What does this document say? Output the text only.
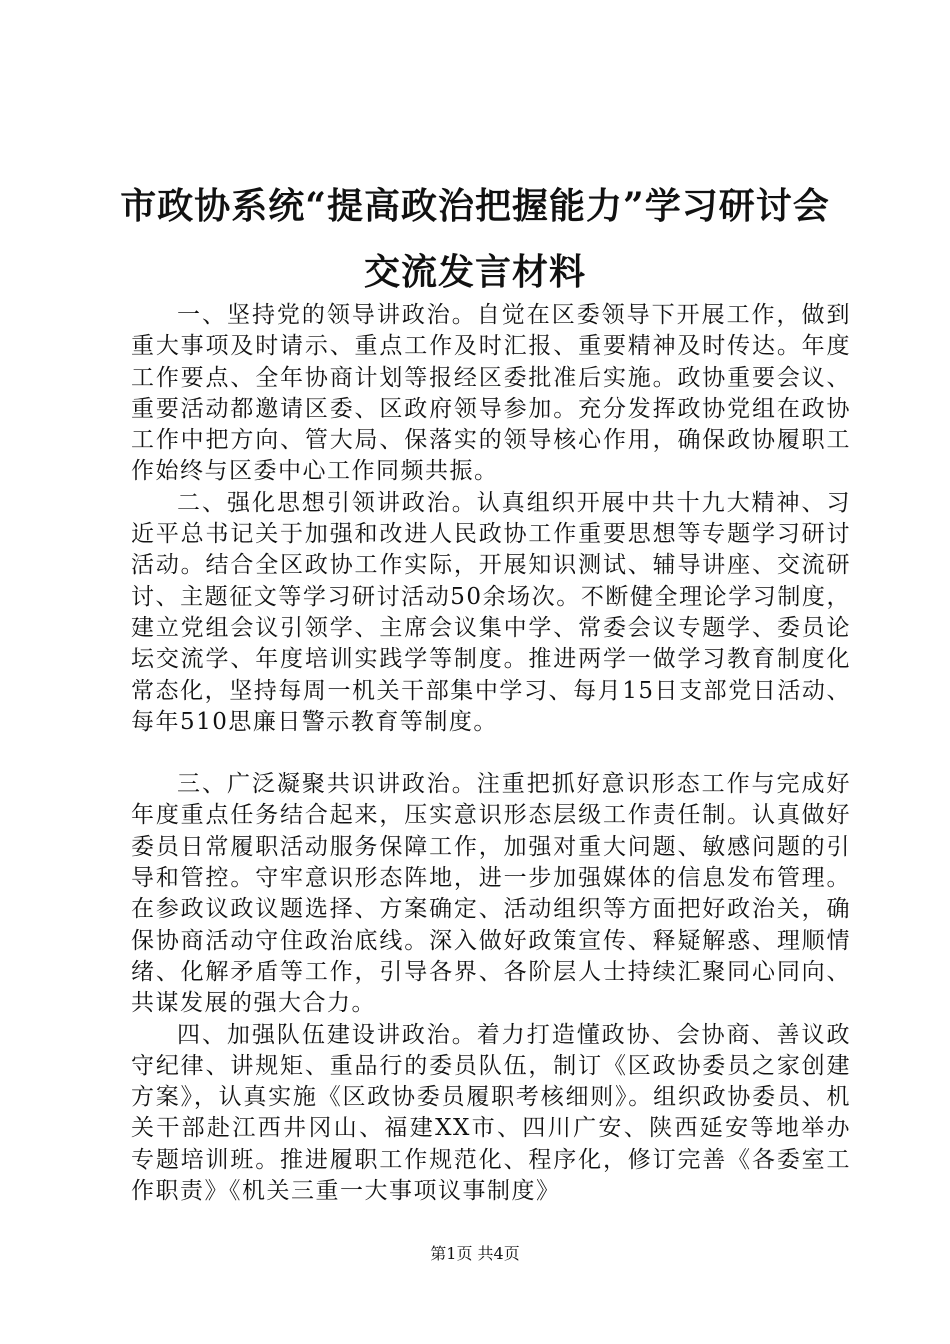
市政协系统“提高政治把握能力”学习研讨会
交流发言材料

一、坚持党的领导讲政治。自觉在区委领导下开展工作，做到重大事项及时请示、重点工作及时汇报、重要精神及时传达。年度工作要点、全年协商计划等报经区委批准后实施。政协重要会议、重要活动都邀请区委、区政府领导参加。充分发挥政协党组在政协工作中把方向、管大局、保落实的领导核心作用，确保政协履职工作始终与区委中心工作同频共振。

二、强化思想引领讲政治。认真组织开展中共十九大精神、习近平总书记关于加强和改进人民政协工作重要思想等专题学习研讨活动。结合全区政协工作实际，开展知识测试、辅导讲座、交流研讨、主题征文等学习研讨活动50余场次。不断健全理论学习制度，建立党组会议引领学、主席会议集中学、常委会议专题学、委员论坛交流学、年度培训实践学等制度。推进两学一做学习教育制度化常态化，坚持每周一机关干部集中学习、每月15日支部党日活动、每年510思廉日警示教育等制度。

三、广泛凝聚共识讲政治。注重把抓好意识形态工作与完成好年度重点任务结合起来，压实意识形态层级工作责任制。认真做好委员日常履职活动服务保障工作，加强对重大问题、敏感问题的引导和管控。守牢意识形态阵地，进一步加强媒体的信息发布管理。在参政议政议题选择、方案确定、活动组织等方面把好政治关，确保协商活动守住政治底线。深入做好政策宣传、释疑解惑、理顺情绪、化解矛盾等工作，引导各界、各阶层人士持续汇聚同心同向、共谋发展的强大合力。

四、加强队伍建设讲政治。着力打造懂政协、会协商、善议政守纪律、讲规矩、重品行的委员队伍，制订《区政协委员之家创建方案》，认真实施《区政协委员履职考核细则》。组织政协委员、机关干部赴江西井冈山、福建XX市、四川广安、陕西延安等地举办专题培训班。推进履职工作规范化、程序化，修订完善《各委室工作职责》《机关三重一大事项议事制度》

第1页 共4页
